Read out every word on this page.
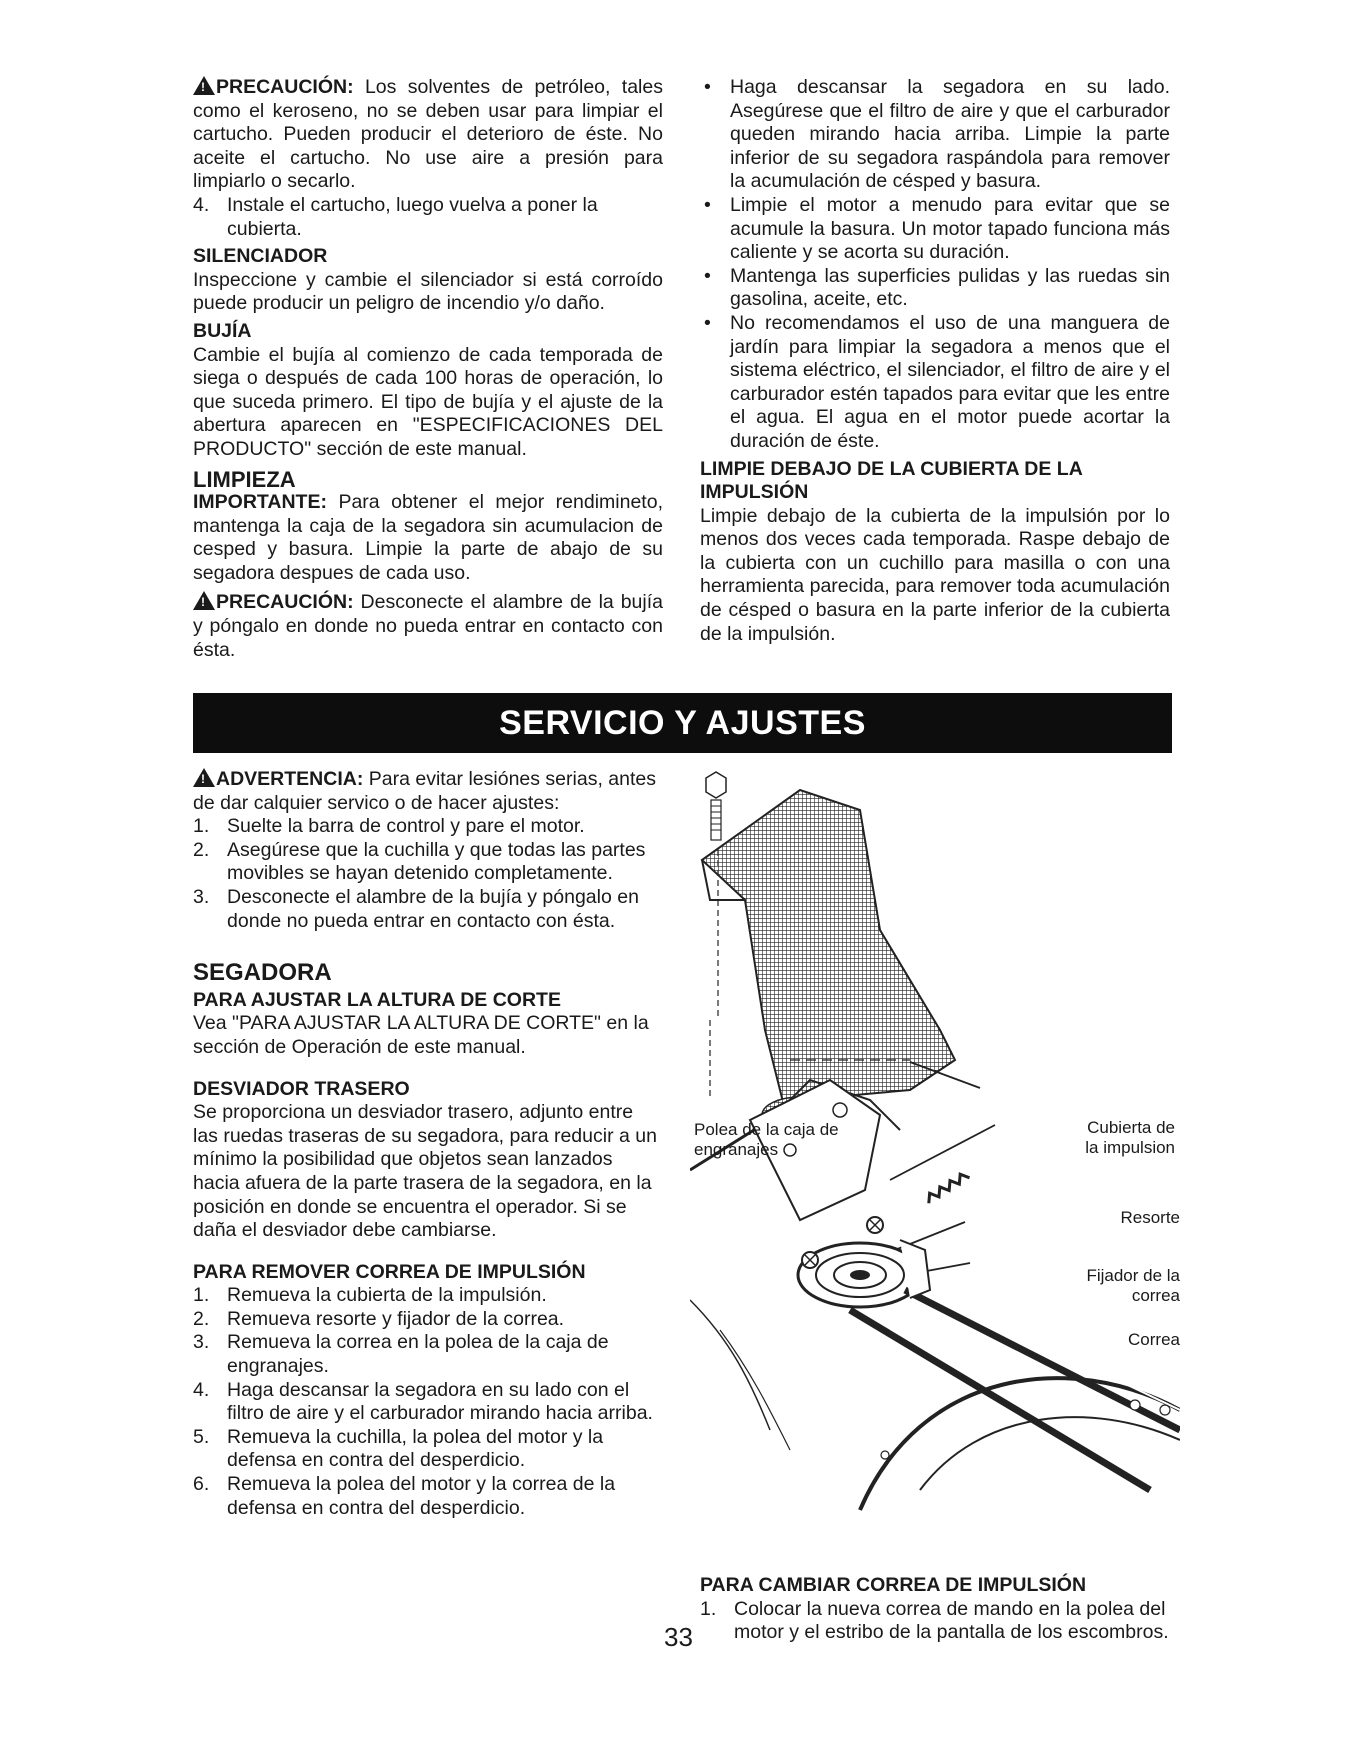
!PRECAUCIÓN: Los solventes de petróleo, tales como el keroseno, no se deben usar para limpiar el cartucho. Pueden producir el deterioro de éste. No aceite el cartucho. No use aire a presión para limpiarlo o secarlo.

4. Instale el cartucho, luego vuelva a poner la cubierta.

SILENCIADOR

Inspeccione y cambie el silenciador si está corroído puede producir un peligro de incendio y/o daño.

BUJÍA

Cambie el bujía al comienzo de cada temporada de siega o después de cada 100 horas de operación, lo que suceda primero. El tipo de bujía y el ajuste de la abertura aparecen en "ESPECIFICACIONES DEL PRODUCTO" sección de este manual.

LIMPIEZA

IMPORTANTE: Para obtener el mejor rendimineto, mantenga la caja de la segadora sin acumulacion de cesped y basura. Limpie la parte de abajo de su segadora despues de cada uso.

!PRECAUCIÓN: Desconecte el alambre de la bujía y póngalo en donde no pueda entrar en contacto con ésta.

• Haga descansar la segadora en su lado. Asegúrese que el filtro de aire y que el carburador queden mirando hacia arriba. Limpie la parte inferior de su segadora raspándola para remover la acumulación de césped y basura.
• Limpie el motor a menudo para evitar que se acumule la basura. Un motor tapado funciona más caliente y se acorta su duración.
• Mantenga las superficies pulidas y las ruedas sin gasolina, aceite, etc.
• No recomendamos el uso de una manguera de jardín para limpiar la segadora a menos que el sistema eléctrico, el silenciador, el filtro de aire y el carburador estén tapados para evitar que les entre el agua. El agua en el motor puede acortar la duración de éste.

LIMPIE DEBAJO DE LA CUBIERTA DE LA IMPULSIÓN

Limpie debajo de la cubierta de la impulsión por lo menos dos veces cada temporada. Raspe debajo de la cubierta con un cuchillo para masilla o con una herramienta parecida, para remover toda acumulación de césped o basura en la parte inferior de la cubierta de la impulsión.

SERVICIO Y AJUSTES

!ADVERTENCIA: Para evitar lesiónes serias, antes de dar calquier servico o de hacer ajustes:

1. Suelte la barra de control y pare el motor.
2. Asegúrese que la cuchilla y que todas las partes movibles se hayan detenido completamente.
3. Desconecte el alambre de la bujía y póngalo en donde no pueda entrar en contacto con ésta.

SEGADORA

PARA AJUSTAR LA ALTURA DE CORTE

Vea "PARA AJUSTAR LA ALTURA DE CORTE" en la sección de Operación de este manual.

DESVIADOR TRASERO

Se proporciona un desviador trasero, adjunto entre las ruedas traseras de su segadora, para reducir a un mínimo la posibilidad que objetos sean lanzados hacia afuera de la parte trasera de la segadora, en la posición en donde se encuentra el operador. Si se daña el desviador debe cambiarse.

PARA REMOVER CORREA DE IMPULSIÓN

1. Remueva la cubierta de la impulsión.
2. Remueva resorte y fijador de la correa.
3. Remueva la correa en la polea de la caja de engranajes.
4. Haga descansar la segadora en su lado con el filtro de aire y el carburador mirando hacia arriba.
5. Remueva la cuchilla, la polea del motor y la defensa en contra del desperdicio.
6. Remueva la polea del motor y la correa de la defensa en contra del desperdicio.
Polea de la caja de engranajes
Cubierta de la impulsion
Resorte
Fijador de la correa
Correa

PARA CAMBIAR CORREA DE IMPULSIÓN

1. Colocar la nueva correa de mando en la polea del motor y el estribo de la pantalla de los escombros.
33
